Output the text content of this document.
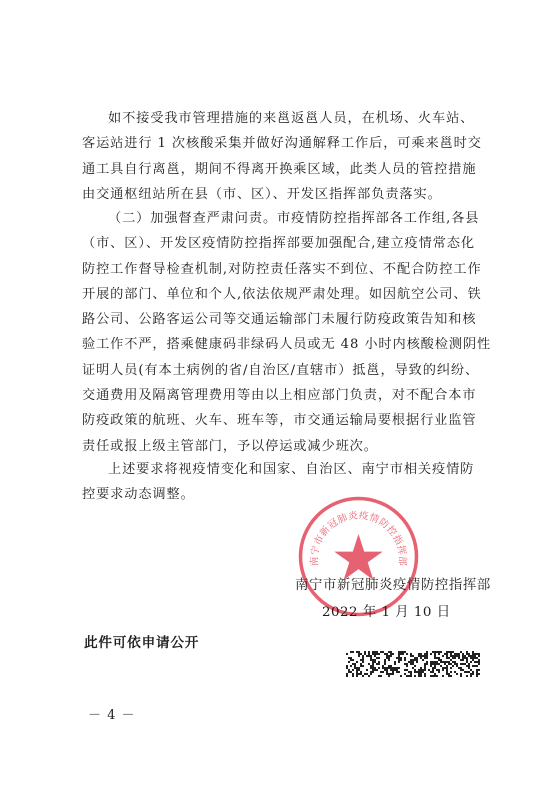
如不接受我市管理措施的来邕返邕人员，在机场、火车站、
客运站进行 1 次核酸采集并做好沟通解释工作后，可乘来邕时交
通工具自行离邕，期间不得离开换乘区域，此类人员的管控措施
由交通枢纽站所在县（市、区）、开发区指挥部负责落实。
（二）加强督查严肃问责。市疫情防控指挥部各工作组,各县
（市、区）、开发区疫情防控指挥部要加强配合,建立疫情常态化
防控工作督导检查机制,对防控责任落实不到位、不配合防控工作
开展的部门、单位和个人,依法依规严肃处理。如因航空公司、铁
路公司、公路客运公司等交通运输部门未履行防疫政策告知和核
验工作不严，搭乘健康码非绿码人员或无 48 小时内核酸检测阴性
证明人员(有本土病例的省/自治区/直辖市）抵邕，导致的纠纷、
交通费用及隔离管理费用等由以上相应部门负责，对不配合本市
防疫政策的航班、火车、班车等，市交通运输局要根据行业监管
责任或报上级主管部门，予以停运或减少班次。
上述要求将视疫情变化和国家、自治区、南宁市相关疫情防
控要求动态调整。
南宁市新冠肺炎疫情防控指挥部
南宁市新冠肺炎疫情防控指挥部
2022 年 1 月 10 日
此件可依申请公开
－ 4 －
